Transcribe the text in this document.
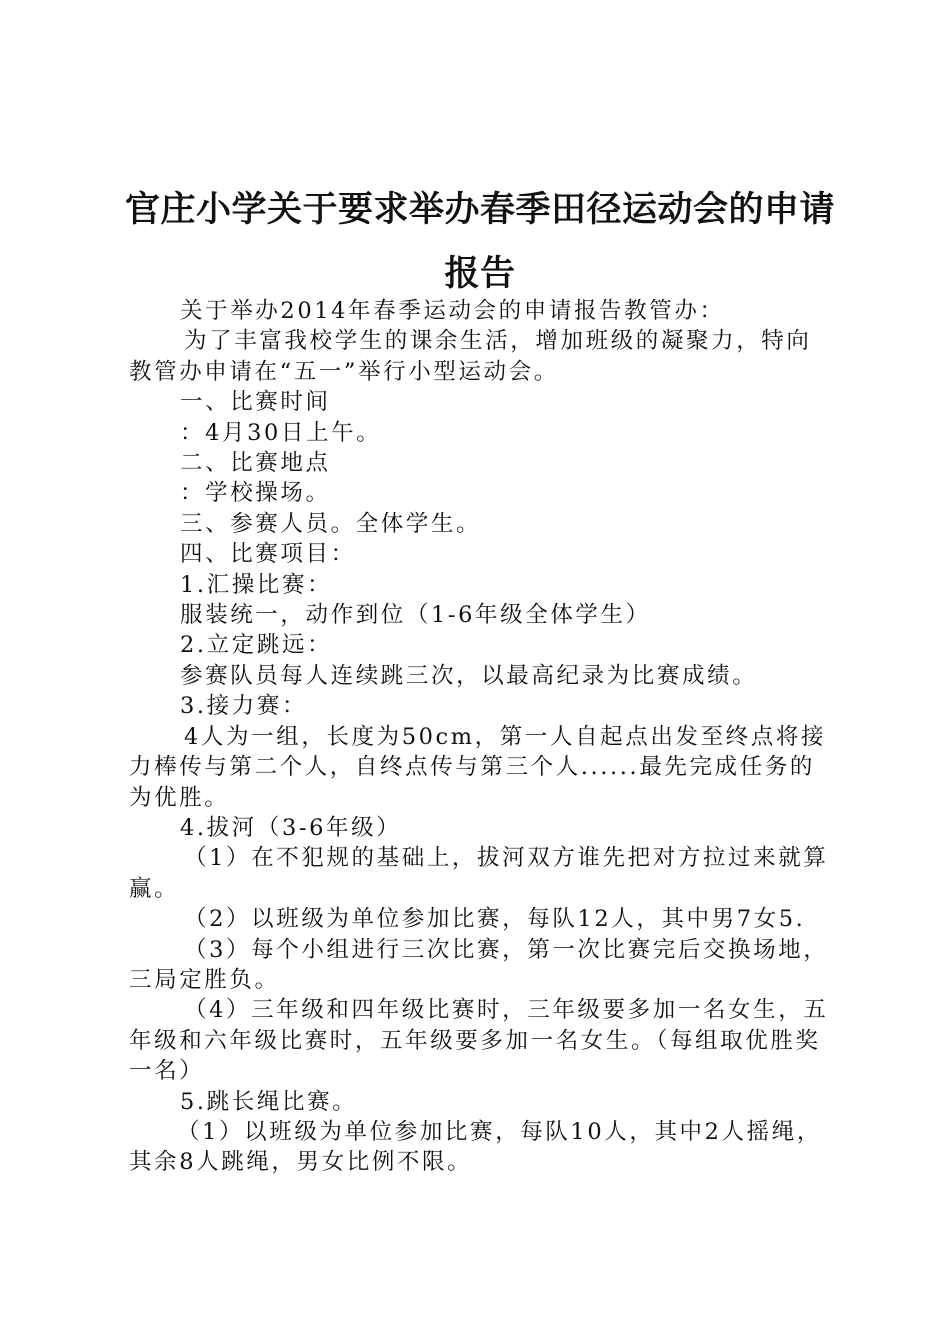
官庄小学关于要求举办春季田径运动会的申请
报告

关于举办2014年春季运动会的申请报告教管办：

为了丰富我校学生的课余生活，增加班级的凝聚力，特向教管办申请在“五一”举行小型运动会。

一、比赛时间

：4月30日上午。

二、比赛地点

：学校操场。

三、参赛人员。全体学生。

四、比赛项目：

1.汇操比赛：

服装统一，动作到位（1-6年级全体学生）

2.立定跳远：

参赛队员每人连续跳三次，以最高纪录为比赛成绩。

3.接力赛：

4人为一组，长度为50cm，第一人自起点出发至终点将接力棒传与第二个人，自终点传与第三个人......最先完成任务的为优胜。

4.拔河（3-6年级）

（1）在不犯规的基础上，拔河双方谁先把对方拉过来就算赢。

（2）以班级为单位参加比赛，每队12人，其中男7女5.

（3）每个小组进行三次比赛，第一次比赛完后交换场地，三局定胜负。

（4）三年级和四年级比赛时，三年级要多加一名女生，五年级和六年级比赛时，五年级要多加一名女生。（每组取优胜奖一名）

5.跳长绳比赛。

（1）以班级为单位参加比赛，每队10人，其中2人摇绳，其余8人跳绳，男女比例不限。
